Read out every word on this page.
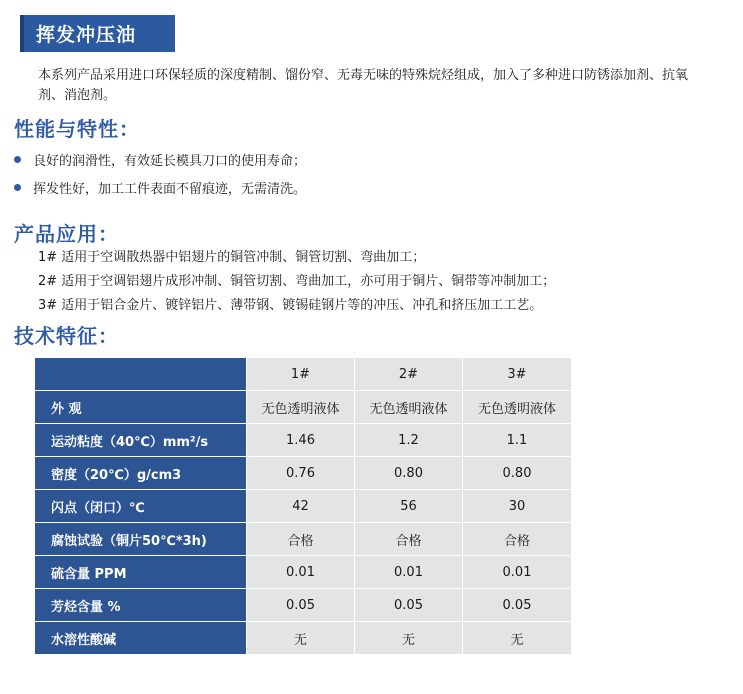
挥发冲压油
本系列产品采用进口环保轻质的深度精制、馏份窄、无毒无味的特殊烷烃组成，加入了多种进口防锈添加剂、抗氧剂、消泡剂。
性能与特性：
良好的润滑性，有效延长模具刀口的使用寿命；
挥发性好，加工工件表面不留痕迹，无需清洗。
产品应用：
1# 适用于空调散热器中铝翅片的铜管冲制、铜管切割、弯曲加工；
2# 适用于空调铝翅片成形冲制、铜管切割、弯曲加工，亦可用于铜片、铜带等冲制加工；
3# 适用于铝合金片、镀锌铝片、薄带钢、镀锡硅钢片等的冲压、冲孔和挤压加工工艺。
技术特征：
	1#	2#	3#
外 观	无色透明液体	无色透明液体	无色透明液体
运动粘度（40℃）mm²/s	1.46	1.2	1.1
密度（20℃）g/cm3	0.76	0.80	0.80
闪点（闭口）℃	42	56	30
腐蚀试验（铜片50℃*3h)	合格	合格	合格
硫含量 PPM	0.01	0.01	0.01
芳烃含量 %	0.05	0.05	0.05
水溶性酸碱	无	无	无
